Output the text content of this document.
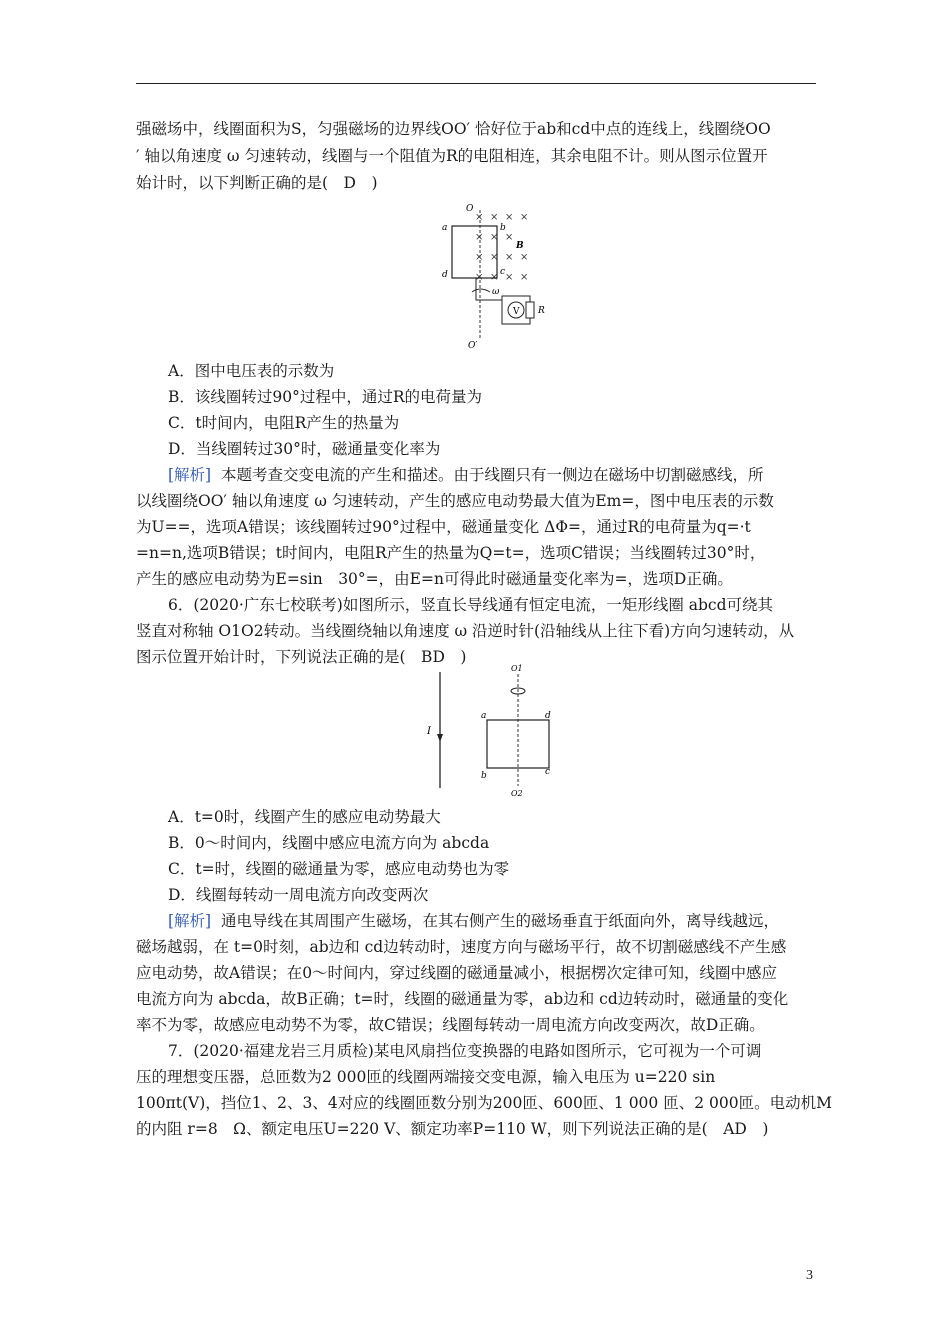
强磁场中，线圈面积为S，匀强磁场的边界线OO′ 恰好位于ab和cd中点的连线上，线圈绕OO
′ 轴以角速度 ω 匀速转动，线圈与一个阻值为R的电阻相连，其余电阻不计。则从图示位置开
始计时，以下判断正确的是(　D　)
O
O′
× × × ×
× × ×
× × × ×
× × × ×
a
d
b
c
B
ω
V R
A．图中电压表的示数为
B．该线圈转过90°过程中，通过R的电荷量为
C．t时间内，电阻R产生的热量为
D．当线圈转过30°时，磁通量变化率为
[解析] 本题考查交变电流的产生和描述。由于线圈只有一侧边在磁场中切割磁感线，所
以线圈绕OO′ 轴以角速度 ω 匀速转动，产生的感应电动势最大值为Em=，图中电压表的示数
为U==，选项A错误；该线圈转过90°过程中，磁通量变化 ΔΦ=，通过R的电荷量为q=·t
=n=n,选项B错误；t时间内，电阻R产生的热量为Q=t=，选项C错误；当线圈转过30°时，
产生的感应电动势为E=sin　30°=，由E=n可得此时磁通量变化率为=，选项D正确。
6．(2020·广东七校联考)如图所示，竖直长导线通有恒定电流，一矩形线圈 abcd可绕其
竖直对称轴 O1O2转动。当线圈绕轴以角速度 ω 沿逆时针(沿轴线从上往下看)方向匀速转动，从
图示位置开始计时，下列说法正确的是(　BD　)
I
O1
O2
a	d
b	c
A．t=0时，线圈产生的感应电动势最大
B．0～时间内，线圈中感应电流方向为 abcda
C．t=时，线圈的磁通量为零，感应电动势也为零
D．线圈每转动一周电流方向改变两次
[解析] 通电导线在其周围产生磁场，在其右侧产生的磁场垂直于纸面向外，离导线越远，
磁场越弱，在 t=0时刻，ab边和 cd边转动时，速度方向与磁场平行，故不切割磁感线不产生感
应电动势，故A错误；在0～时间内，穿过线圈的磁通量减小，根据楞次定律可知，线圈中感应
电流方向为 abcda，故B正确；t=时，线圈的磁通量为零，ab边和 cd边转动时，磁通量的变化
率不为零，故感应电动势不为零，故C错误；线圈每转动一周电流方向改变两次，故D正确。
7．(2020·福建龙岩三月质检)某电风扇挡位变换器的电路如图所示，它可视为一个可调
压的理想变压器，总匝数为2 000匝的线圈两端接交变电源，输入电压为 u=220 sin
100πt(V)，挡位1、2、3、4对应的线圈匝数分别为200匝、600匝、1 000 匝、2 000匝。电动机M
的内阻 r=8　Ω、额定电压U=220 V、额定功率P=110 W，则下列说法正确的是(　AD　)
3
